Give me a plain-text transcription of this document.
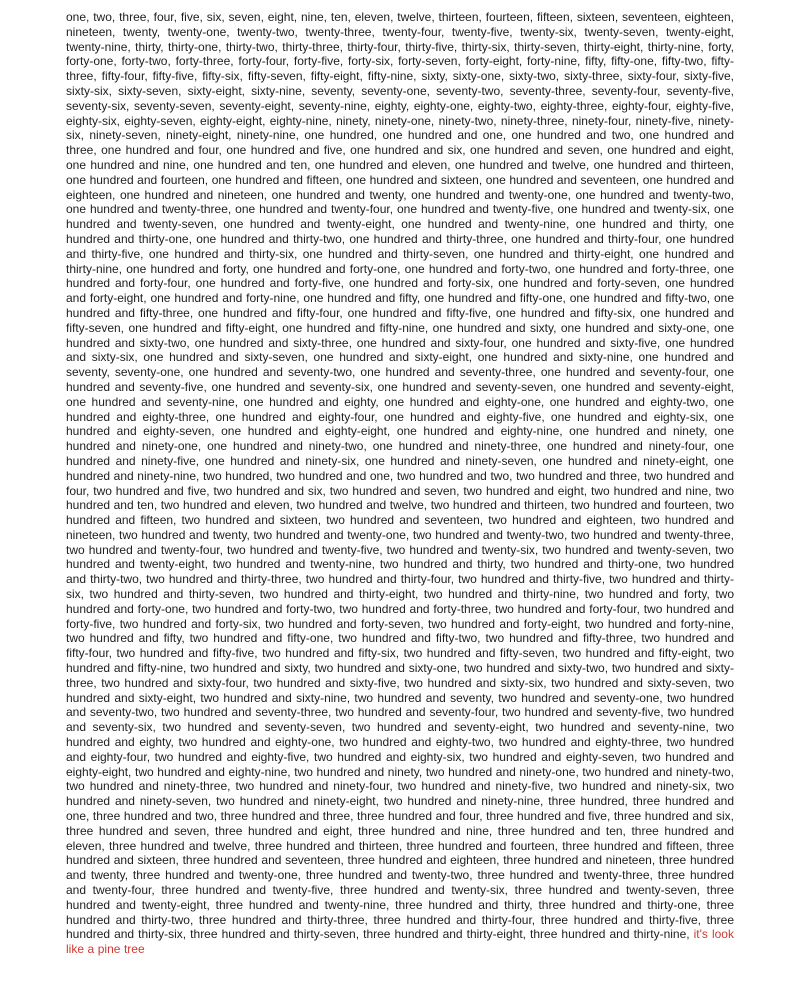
one, two, three, four, five, six, seven, eight, nine, ten, eleven, twelve, thirteen, fourteen, fifteen, sixteen, seventeen, eighteen, nineteen, twenty, twenty-one, twenty-two, twenty-three, twenty-four, twenty-five, twenty-six, twenty-seven, twenty-eight, twenty-nine, thirty, thirty-one, thirty-two, thirty-three, thirty-four, thirty-five, thirty-six, thirty-seven, thirty-eight, thirty-nine, forty, forty-one, forty-two, forty-three, forty-four, forty-five, forty-six, forty-seven, forty-eight, forty-nine, fifty, fifty-one, fifty-two, fifty-three, fifty-four, fifty-five, fifty-six, fifty-seven, fifty-eight, fifty-nine, sixty, sixty-one, sixty-two, sixty-three, sixty-four, sixty-five, sixty-six, sixty-seven, sixty-eight, sixty-nine, seventy, seventy-one, seventy-two, seventy-three, seventy-four, seventy-five, seventy-six, seventy-seven, seventy-eight, seventy-nine, eighty, eighty-one, eighty-two, eighty-three, eighty-four, eighty-five, eighty-six, eighty-seven, eighty-eight, eighty-nine, ninety, ninety-one, ninety-two, ninety-three, ninety-four, ninety-five, ninety-six, ninety-seven, ninety-eight, ninety-nine, one hundred, one hundred and one, one hundred and two, one hundred and three, one hundred and four, one hundred and five, one hundred and six, one hundred and seven, one hundred and eight, one hundred and nine, one hundred and ten, one hundred and eleven, one hundred and twelve, one hundred and thirteen, one hundred and fourteen, one hundred and fifteen, one hundred and sixteen, one hundred and seventeen, one hundred and eighteen, one hundred and nineteen, one hundred and twenty, one hundred and twenty-one, one hundred and twenty-two, one hundred and twenty-three, one hundred and twenty-four, one hundred and twenty-five, one hundred and twenty-six, one hundred and twenty-seven, one hundred and twenty-eight, one hundred and twenty-nine, one hundred and thirty, one hundred and thirty-one, one hundred and thirty-two, one hundred and thirty-three, one hundred and thirty-four, one hundred and thirty-five, one hundred and thirty-six, one hundred and thirty-seven, one hundred and thirty-eight, one hundred and thirty-nine, one hundred and forty, one hundred and forty-one, one hundred and forty-two, one hundred and forty-three, one hundred and forty-four, one hundred and forty-five, one hundred and forty-six, one hundred and forty-seven, one hundred and forty-eight, one hundred and forty-nine, one hundred and fifty, one hundred and fifty-one, one hundred and fifty-two, one hundred and fifty-three, one hundred and fifty-four, one hundred and fifty-five, one hundred and fifty-six, one hundred and fifty-seven, one hundred and fifty-eight, one hundred and fifty-nine, one hundred and sixty, one hundred and sixty-one, one hundred and sixty-two, one hundred and sixty-three, one hundred and sixty-four, one hundred and sixty-five, one hundred and sixty-six, one hundred and sixty-seven, one hundred and sixty-eight, one hundred and sixty-nine, one hundred and seventy, seventy-one, one hundred and seventy-two, one hundred and seventy-three, one hundred and seventy-four, one hundred and seventy-five, one hundred and seventy-six, one hundred and seventy-seven, one hundred and seventy-eight, one hundred and seventy-nine, one hundred and eighty, one hundred and eighty-one, one hundred and eighty-two, one hundred and eighty-three, one hundred and eighty-four, one hundred and eighty-five, one hundred and eighty-six, one hundred and eighty-seven, one hundred and eighty-eight, one hundred and eighty-nine, one hundred and ninety, one hundred and ninety-one, one hundred and ninety-two, one hundred and ninety-three, one hundred and ninety-four, one hundred and ninety-five, one hundred and ninety-six, one hundred and ninety-seven, one hundred and ninety-eight, one hundred and ninety-nine, two hundred, two hundred and one, two hundred and two, two hundred and three, two hundred and four, two hundred and five, two hundred and six, two hundred and seven, two hundred and eight, two hundred and nine, two hundred and ten, two hundred and eleven, two hundred and twelve, two hundred and thirteen, two hundred and fourteen, two hundred and fifteen, two hundred and sixteen, two hundred and seventeen, two hundred and eighteen, two hundred and nineteen, two hundred and twenty, two hundred and twenty-one, two hundred and twenty-two, two hundred and twenty-three, two hundred and twenty-four, two hundred and twenty-five, two hundred and twenty-six, two hundred and twenty-seven, two hundred and twenty-eight, two hundred and twenty-nine, two hundred and thirty, two hundred and thirty-one, two hundred and thirty-two, two hundred and thirty-three, two hundred and thirty-four, two hundred and thirty-five, two hundred and thirty-six, two hundred and thirty-seven, two hundred and thirty-eight, two hundred and thirty-nine, two hundred and forty, two hundred and forty-one, two hundred and forty-two, two hundred and forty-three, two hundred and forty-four, two hundred and forty-five, two hundred and forty-six, two hundred and forty-seven, two hundred and forty-eight, two hundred and forty-nine, two hundred and fifty, two hundred and fifty-one, two hundred and fifty-two, two hundred and fifty-three, two hundred and fifty-four, two hundred and fifty-five, two hundred and fifty-six, two hundred and fifty-seven, two hundred and fifty-eight, two hundred and fifty-nine, two hundred and sixty, two hundred and sixty-one, two hundred and sixty-two, two hundred and sixty-three, two hundred and sixty-four, two hundred and sixty-five, two hundred and sixty-six, two hundred and sixty-seven, two hundred and sixty-eight, two hundred and sixty-nine, two hundred and seventy, two hundred and seventy-one, two hundred and seventy-two, two hundred and seventy-three, two hundred and seventy-four, two hundred and seventy-five, two hundred and seventy-six, two hundred and seventy-seven, two hundred and seventy-eight, two hundred and seventy-nine, two hundred and eighty, two hundred and eighty-one, two hundred and eighty-two, two hundred and eighty-three, two hundred and eighty-four, two hundred and eighty-five, two hundred and eighty-six, two hundred and eighty-seven, two hundred and eighty-eight, two hundred and eighty-nine, two hundred and ninety, two hundred and ninety-one, two hundred and ninety-two, two hundred and ninety-three, two hundred and ninety-four, two hundred and ninety-five, two hundred and ninety-six, two hundred and ninety-seven, two hundred and ninety-eight, two hundred and ninety-nine, three hundred, three hundred and one, three hundred and two, three hundred and three, three hundred and four, three hundred and five, three hundred and six, three hundred and seven, three hundred and eight, three hundred and nine, three hundred and ten, three hundred and eleven, three hundred and twelve, three hundred and thirteen, three hundred and fourteen, three hundred and fifteen, three hundred and sixteen, three hundred and seventeen, three hundred and eighteen, three hundred and nineteen, three hundred and twenty, three hundred and twenty-one, three hundred and twenty-two, three hundred and twenty-three, three hundred and twenty-four, three hundred and twenty-five, three hundred and twenty-six, three hundred and twenty-seven, three hundred and twenty-eight, three hundred and twenty-nine, three hundred and thirty, three hundred and thirty-one, three hundred and thirty-two, three hundred and thirty-three, three hundred and thirty-four, three hundred and thirty-five, three hundred and thirty-six, three hundred and thirty-seven, three hundred and thirty-eight, three hundred and thirty-nine, it's look like a pine tree
